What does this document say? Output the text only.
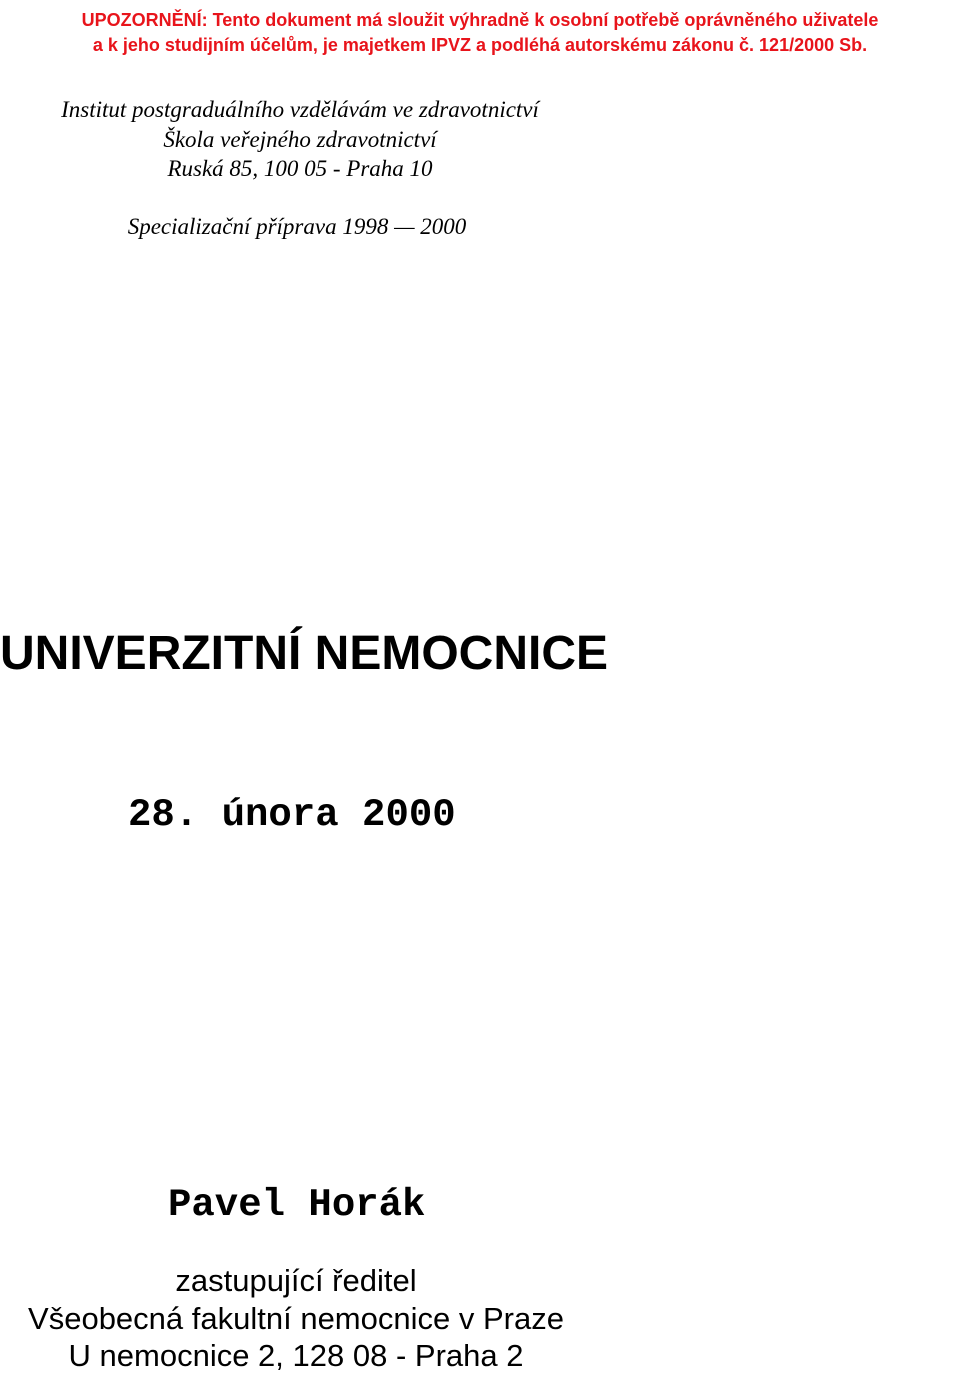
UPOZORNĚNÍ: Tento dokument má sloužit výhradně k osobní potřebě oprávněného uživatele
a k jeho studijním účelům, je majetkem IPVZ a podléhá autorskému zákonu č. 121/2000 Sb.
Institut postgraduálního vzdělávám ve zdravotnictví
Škola veřejného zdravotnictví
Ruská 85, 100 05 - Praha 10
Specializační příprava 1998 — 2000
UNIVERZITNÍ NEMOCNICE
28. února 2000
Pavel Horák
zastupující ředitel
Všeobecná fakultní nemocnice v Praze
U nemocnice 2, 128 08 - Praha 2
